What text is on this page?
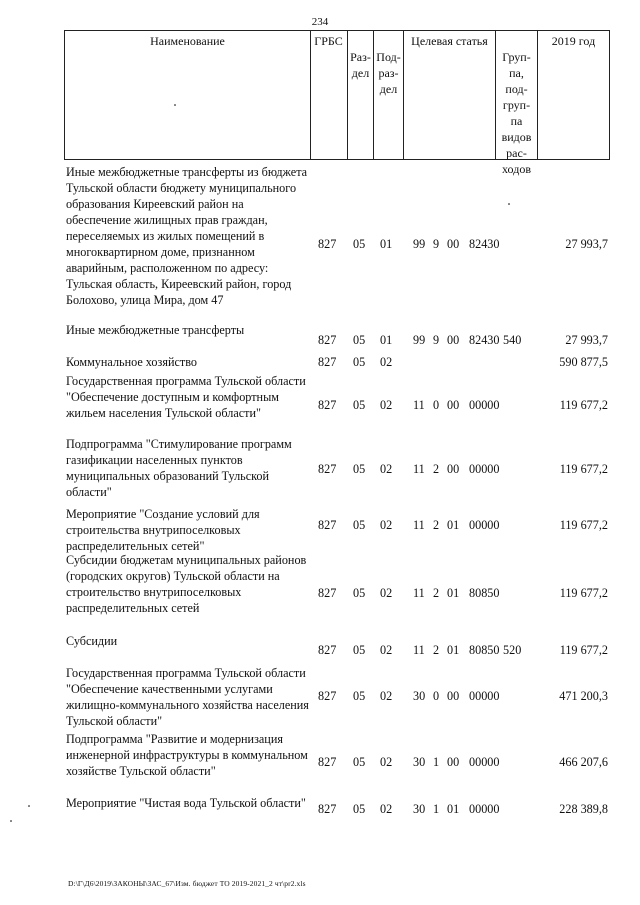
234
Наименование	ГРБС

Раз-
дел

Под-
раз-
дел

Целевая статья

Груп-
па,
под-
груп-
па
видов
рас-
ходов

2019 год
Иные межбюджетные трансферты из бюджета Тульской области бюджету муниципального образования Киреевский район на обеспечение жилищных прав граждан, переселяемых из жилых помещений в многоквартирном доме, признанном аварийным, расположенном по адресу: Тульская область, Киреевский район, город Болохово, улица Мира, дом 47
827 05 01 99 9 00 82430	27 993,7
Иные межбюджетные трансферты
827 05 01 99 9 00 82430 540	27 993,7
Коммунальное хозяйство	827 05 02	590 877,5
Государственная программа Тульской области "Обеспечение доступным и комфортным жильем населения Тульской области"
827 05 02 11 0 00 00000	119 677,2
Подпрограмма "Стимулирование программ газификации населенных пунктов муниципальных образований Тульской области"
827 05 02 11 2 00 00000	119 677,2
Мероприятие "Создание условий для строительства внутрипоселковых распределительных сетей"
827 05 02 11 2 01 00000	119 677,2
Субсидии бюджетам муниципальных районов (городских округов) Тульской области на строительство внутрипоселковых распределительных сетей
827 05 02 11 2 01 80850	119 677,2
Субсидии
827 05 02 11 2 01 80850 520	119 677,2
Государственная программа Тульской области "Обеспечение качественными услугами жилищно-коммунального хозяйства населения Тульской области"
827 05 02 30 0 00 00000	471 200,3
Подпрограмма "Развитие и модернизация инженерной инфраструктуры в коммунальном хозяйстве Тульской области"
827 05 02 30 1 00 00000	466 207,6
Мероприятие "Чистая вода Тульской области" 827 05 02 30 1 01 00000	228 389,8
D:\Г\Д6\2019\ЗАКОНЫ\ЗАС_67\Изм. бюджет ТО 2019-2021_2 чт\pr2.xls
